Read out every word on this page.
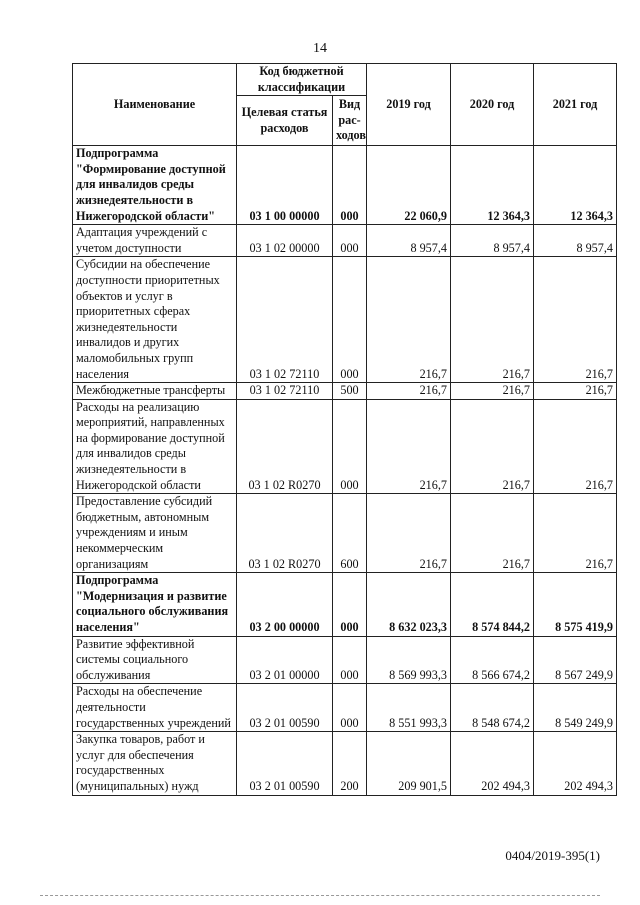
14
Наименование	Код бюджетной классификации		2019 год	2020 год	2021 год
	Целевая статья расходов	Вид рас-ходов			
Подпрограмма "Формирование доступной для инвалидов среды жизнедеятельности в Нижегородской области"	03 1 00 00000	000	22 060,9	12 364,3	12 364,3
Адаптация учреждений с учетом доступности	03 1 02 00000	000	8 957,4	8 957,4	8 957,4
Субсидии на обеспечение доступности приоритетных объектов и услуг в приоритетных сферах жизнедеятельности инвалидов и других маломобильных групп населения	03 1 02 72110	000	216,7	216,7	216,7
Межбюджетные трансферты	03 1 02 72110	500	216,7	216,7	216,7
Расходы на реализацию мероприятий, направленных на формирование доступной для инвалидов среды жизнедеятельности в Нижегородской области	03 1 02 R0270	000	216,7	216,7	216,7
Предоставление субсидий бюджетным, автономным учреждениям и иным некоммерческим организациям	03 1 02 R0270	600	216,7	216,7	216,7
Подпрограмма "Модернизация и развитие социального обслуживания населения"	03 2 00 00000	000	8 632 023,3	8 574 844,2	8 575 419,9
Развитие эффективной системы социального обслуживания	03 2 01 00000	000	8 569 993,3	8 566 674,2	8 567 249,9
Расходы на обеспечение деятельности государственных учреждений	03 2 01 00590	000	8 551 993,3	8 548 674,2	8 549 249,9
Закупка товаров, работ и услуг для обеспечения государственных (муниципальных) нужд	03 2 01 00590	200	209 901,5	202 494,3	202 494,3
0404/2019-395(1)
